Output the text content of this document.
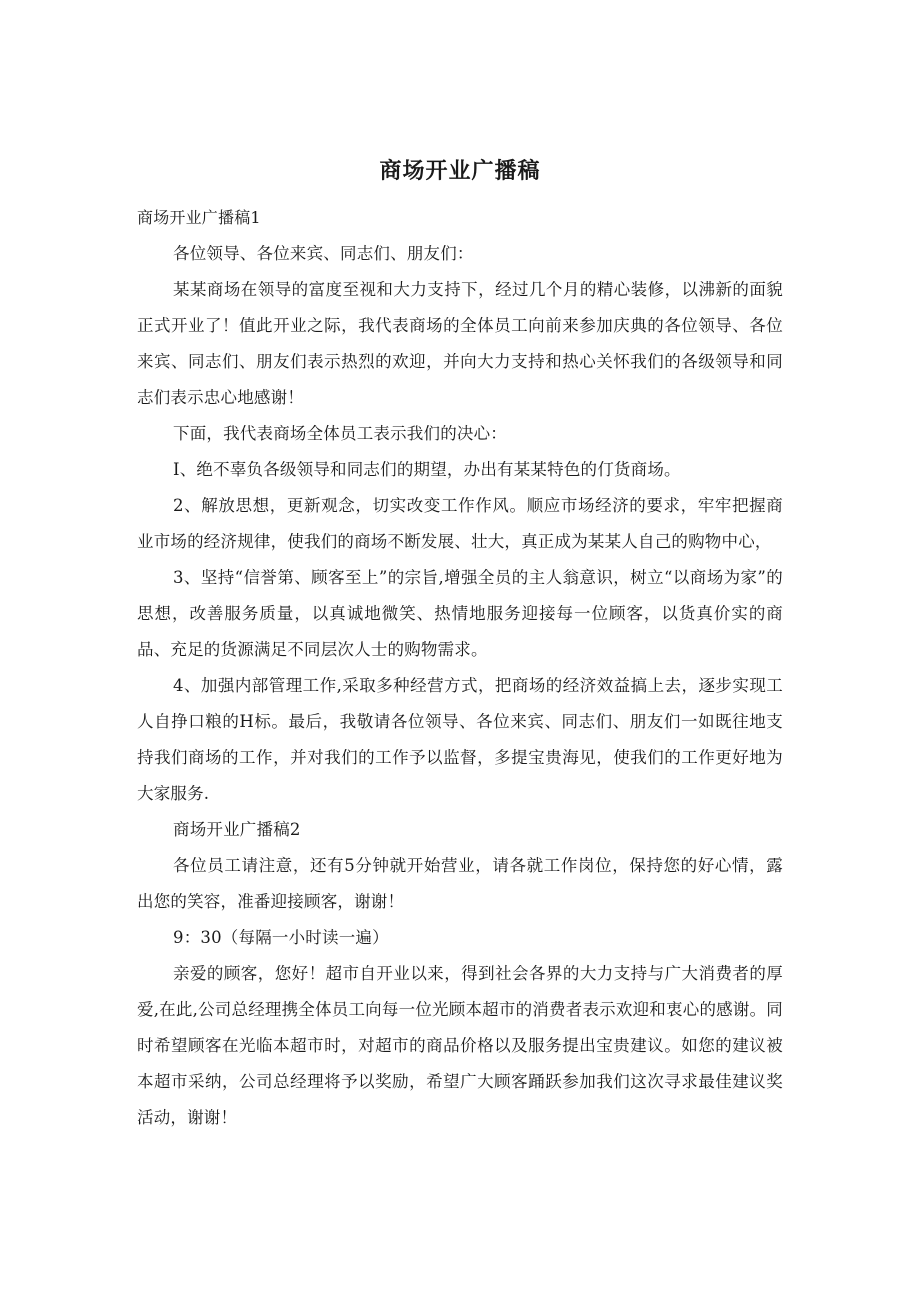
商场开业广播稿

商场开业广播稿1

各位领导、各位来宾、同志们、朋友们：

某某商场在领导的富度至视和大力支持下，经过几个月的精心装修，以沸新的面貌正式开业了！值此开业之际，我代表商场的全体员工向前来参加庆典的各位领导、各位来宾、同志们、朋友们表示热烈的欢迎，并向大力支持和热心关怀我们的各级领导和同志们表示忠心地感谢！

下面，我代表商场全体员工表示我们的决心：

I、绝不辜负各级领导和同志们的期望，办出有某某特色的仃货商场。

2、解放思想，更新观念，切实改变工作作风。顺应市场经济的要求，牢牢把握商业市场的经济规律，使我们的商场不断发展、壮大，真正成为某某人自己的购物中心，

3、坚持“信誉第、顾客至上”的宗旨,增强全员的主人翁意识，树立“以商场为家”的思想，改善服务质量，以真诚地微笑、热情地服务迎接每一位顾客，以货真价实的商品、充足的货源满足不同层次人士的购物需求。

4、加强内部管理工作,采取多种经营方式，把商场的经济效益搞上去，逐步实现工人自挣口粮的H标。最后，我敬请各位领导、各位来宾、同志们、朋友们一如既往地支持我们商场的工作，并对我们的工作予以监督，多提宝贵海见，使我们的工作更好地为大家服务.

商场开业广播稿2

各位员工请注意，还有5分钟就开始营业，请各就工作岗位，保持您的好心情，露出您的笑容，准番迎接顾客，谢谢！

9：30（每隔一小时读一遍）

亲爱的顾客，您好！超市自开业以来，得到社会各界的大力支持与广大消费者的厚爱,在此,公司总经理携全体员工向每一位光顾本超市的消费者表示欢迎和衷心的感谢。同时希望顾客在光临本超市时，对超市的商品价格以及服务提出宝贵建议。如您的建议被本超市采纳，公司总经理将予以奖励，希望广大顾客踊跃参加我们这次寻求最佳建议奖活动，谢谢！
